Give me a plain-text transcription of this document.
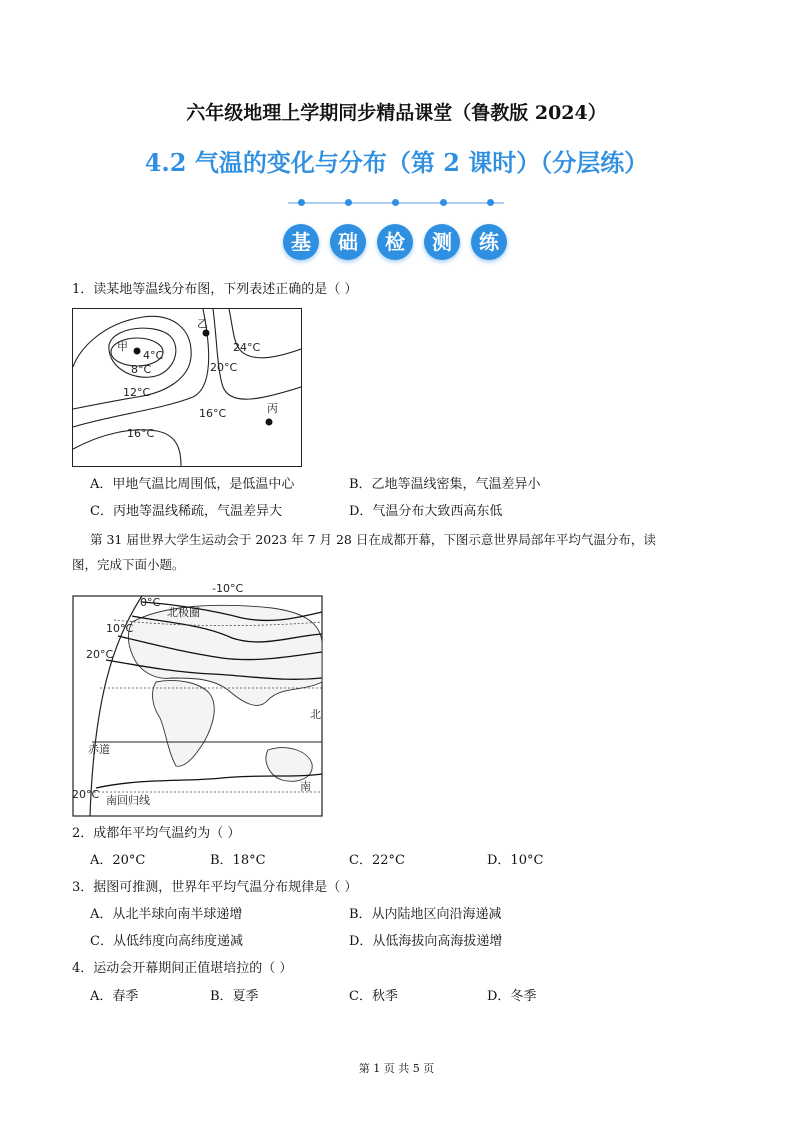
六年级地理上学期同步精品课堂（鲁教版 2024）
4.2 气温的变化与分布（第 2 课时）（分层练）
基	础	检	测	练
1．读某地等温线分布图，下列表述正确的是（ ）
甲
乙
丙
4°C
8°C
12°C
16°C
16°C
20°C
24°C
A．甲地气温比周围低，是低温中心	B．乙地等温线密集，气温差异小
C．丙地等温线稀疏，气温差异大	D．气温分布大致西高东低
第 31 届世界大学生运动会于 2023 年 7 月 28 日在成都开幕，下图示意世界局部年平均气温分布，读
图，完成下面小题。
-10°C
0°C
北极圈
10°C
20°C
北
赤道
20°C 南回归线
南
2．成都年平均气温约为（ ）
A．20°C	B．18°C	C．22°C	D．10°C
3．据图可推测，世界年平均气温分布规律是（ ）
A．从北半球向南半球递增	B．从内陆地区向沿海递减
C．从低纬度向高纬度递减	D．从低海拔向高海拔递增
4．运动会开幕期间正值堪培拉的（ ）
A．春季	B．夏季	C．秋季	D．冬季
第 1 页 共 5 页
